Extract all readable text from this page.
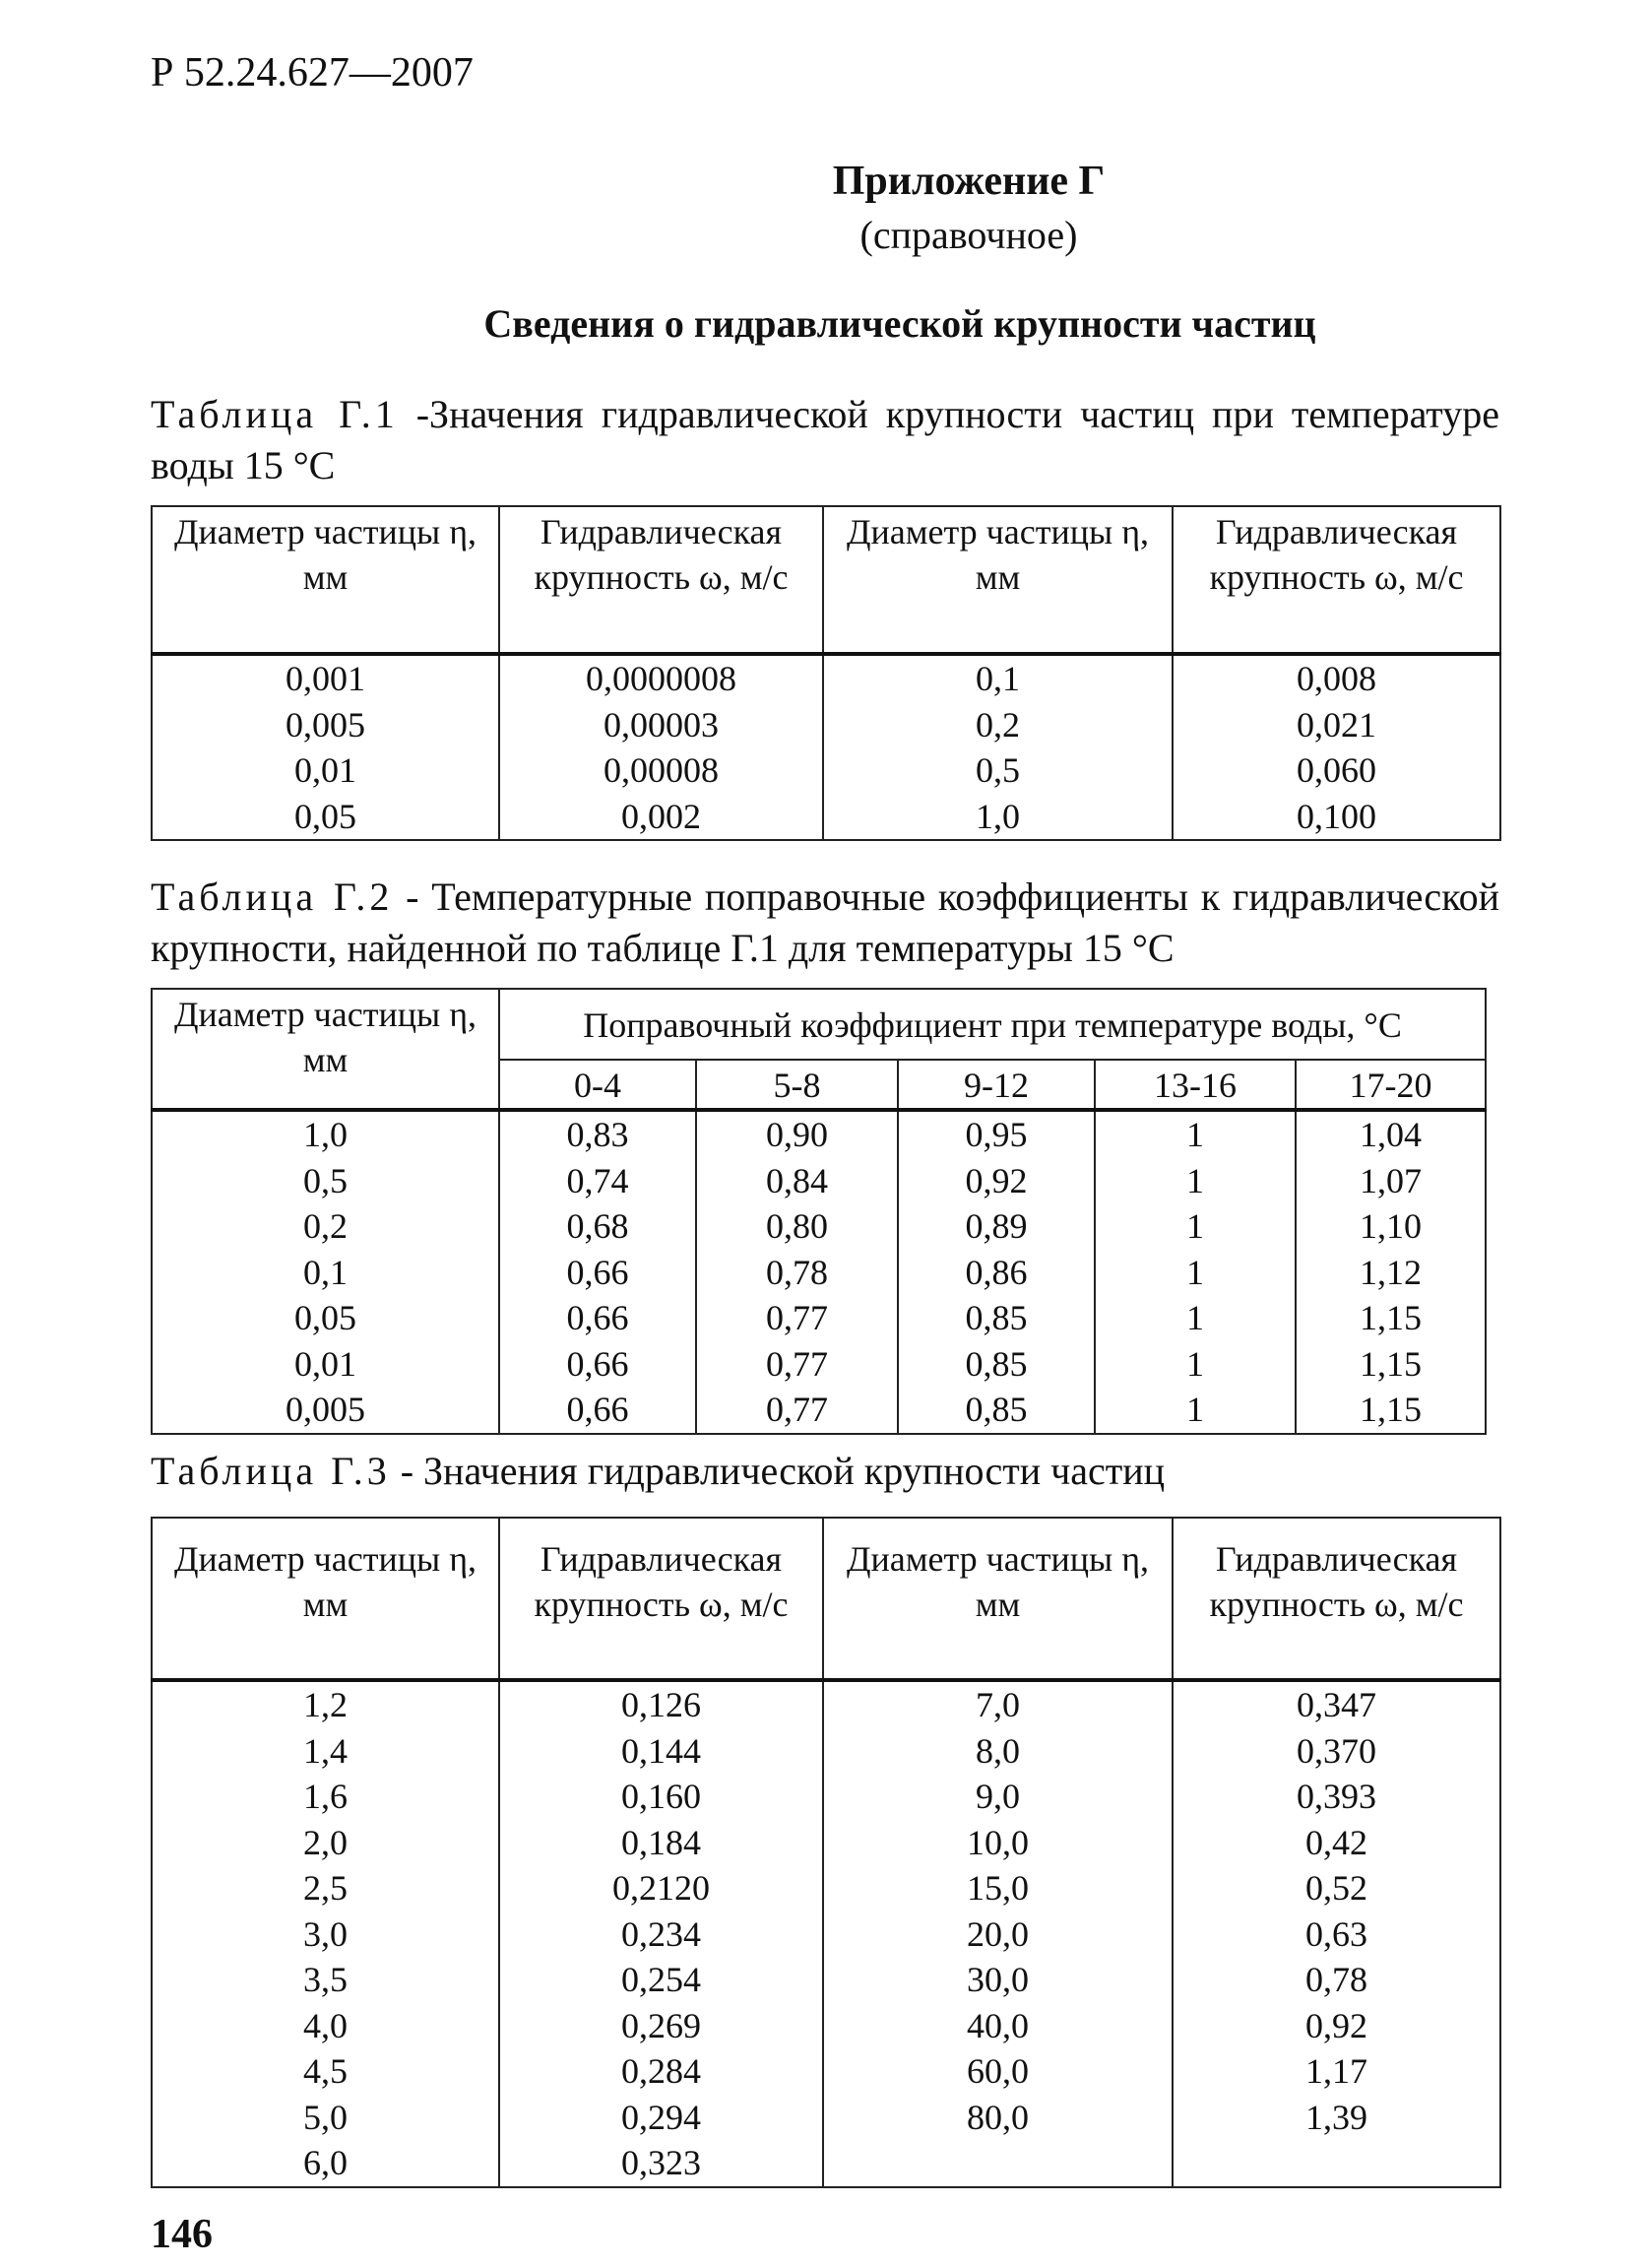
Р 52.24.627—2007
Приложение Г
(справочное)
Сведения о гидравлической крупности частиц
Таблица Г.1 -Значения гидравлической крупности частиц при температуре воды 15 °С
Диаметр частицы η, мм	Гидравлическая крупность ω, м/с	Диаметр частицы η, мм	Гидравлическая крупность ω, м/с
0,001	0,0000008	0,1	0,008
0,005	0,00003	0,2	0,021
0,01	0,00008	0,5	0,060
0,05	0,002	1,0	0,100
Таблица Г.2 - Температурные поправочные коэффициенты к гидравлической крупности, найденной по таблице Г.1 для температуры 15 °С
Диаметр частицы η, мм	Поправочный коэффициент при температуре воды, °С				
	0-4	5-8	9-12	13-16	17-20
1,0	0,83	0,90	0,95	1	1,04
0,5	0,74	0,84	0,92	1	1,07
0,2	0,68	0,80	0,89	1	1,10
0,1	0,66	0,78	0,86	1	1,12
0,05	0,66	0,77	0,85	1	1,15
0,01	0,66	0,77	0,85	1	1,15
0,005	0,66	0,77	0,85	1	1,15
Таблица Г.3 - Значения гидравлической крупности частиц
Диаметр частицы η, мм	Гидравлическая крупность ω, м/с	Диаметр частицы η, мм	Гидравлическая крупность ω, м/с
1,2	0,126	7,0	0,347
1,4	0,144	8,0	0,370
1,6	0,160	9,0	0,393
2,0	0,184	10,0	0,42
2,5	0,2120	15,0	0,52
3,0	0,234	20,0	0,63
3,5	0,254	30,0	0,78
4,0	0,269	40,0	0,92
4,5	0,284	60,0	1,17
5,0	0,294	80,0	1,39
6,0	0,323		
146
